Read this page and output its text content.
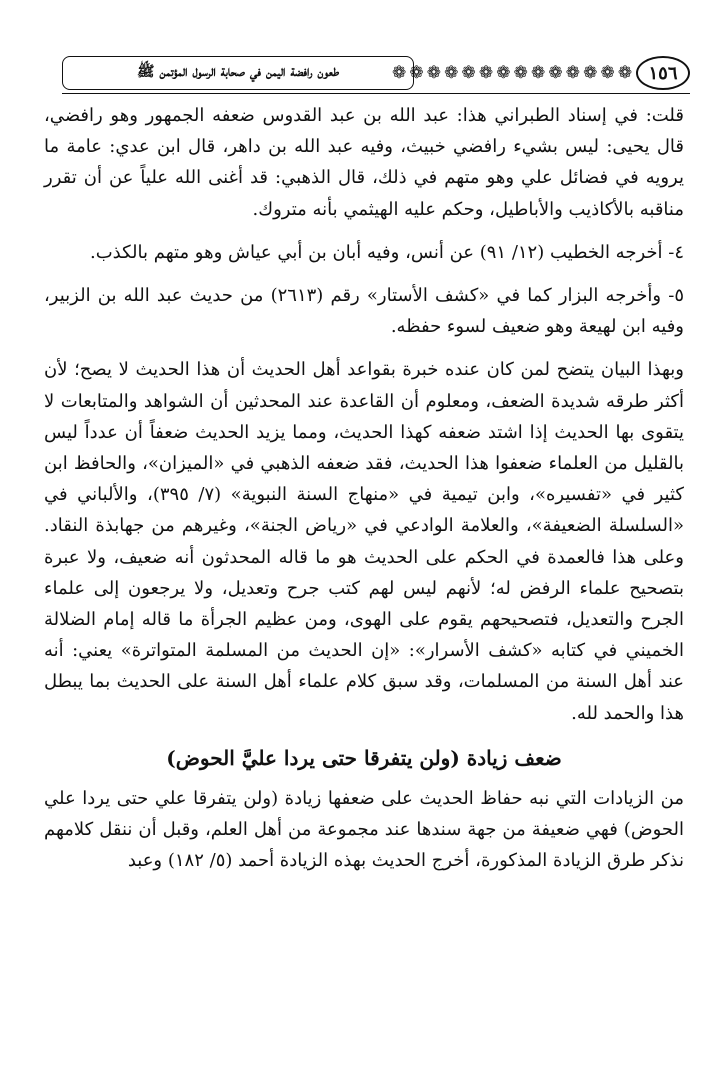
١٥٦
❁
❁
❁
❁
❁
❁
❁
❁
❁
❁
❁
❁
❁
❁
طعون رافضة اليمن في صحابة الرسول المؤتمن ﷺ

قلت: في إسناد الطبراني هذا: عبد الله بن عبد القدوس ضعفه الجمهور وهو رافضي، قال يحيى: ليس بشيء رافضي خبيث، وفيه عبد الله بن داهر، قال ابن عدي: عامة ما يرويه في فضائل علي وهو متهم في ذلك، قال الذهبي: قد أغنى الله علياً عن أن تقرر مناقبه بالأكاذيب والأباطيل، وحكم عليه الهيثمي بأنه متروك.

٤- أخرجه الخطيب (١٢/ ٩١) عن أنس، وفيه أبان بن أبي عياش وهو متهم بالكذب.

٥- وأخرجه البزار كما في «كشف الأستار» رقم (٢٦١٣) من حديث عبد الله بن الزبير، وفيه ابن لهيعة وهو ضعيف لسوء حفظه.

وبهذا البيان يتضح لمن كان عنده خبرة بقواعد أهل الحديث أن هذا الحديث لا يصح؛ لأن أكثر طرقه شديدة الضعف، ومعلوم أن القاعدة عند المحدثين أن الشواهد والمتابعات لا يتقوى بها الحديث إذا اشتد ضعفه كهذا الحديث، ومما يزيد الحديث ضعفاً أن عدداً ليس بالقليل من العلماء ضعفوا هذا الحديث، فقد ضعفه الذهبي في «الميزان»، والحافظ ابن كثير في «تفسيره»، وابن تيمية في «منهاج السنة النبوية» (٧/ ٣٩٥)، والألباني في «السلسلة الضعيفة»، والعلامة الوادعي في «رياض الجنة»، وغيرهم من جهابذة النقاد. وعلى هذا فالعمدة في الحكم على الحديث هو ما قاله المحدثون أنه ضعيف، ولا عبرة بتصحيح علماء الرفض له؛ لأنهم ليس لهم كتب جرح وتعديل، ولا يرجعون إلى علماء الجرح والتعديل، فتصحيحهم يقوم على الهوى، ومن عظيم الجرأة ما قاله إمام الضلالة الخميني في كتابه «كشف الأسرار»: «إن الحديث من المسلمة المتواترة» يعني: أنه عند أهل السنة من المسلمات، وقد سبق كلام علماء أهل السنة على الحديث بما يبطل هذا والحمد لله.

ضعف زيادة (ولن يتفرقا حتى يردا عليَّ الحوض)

من الزيادات التي نبه حفاظ الحديث على ضعفها زيادة (ولن يتفرقا علي حتى يردا علي الحوض) فهي ضعيفة من جهة سندها عند مجموعة من أهل العلم، وقبل أن ننقل كلامهم نذكر طرق الزيادة المذكورة، أخرج الحديث بهذه الزيادة أحمد (٥/ ١٨٢) وعبد
